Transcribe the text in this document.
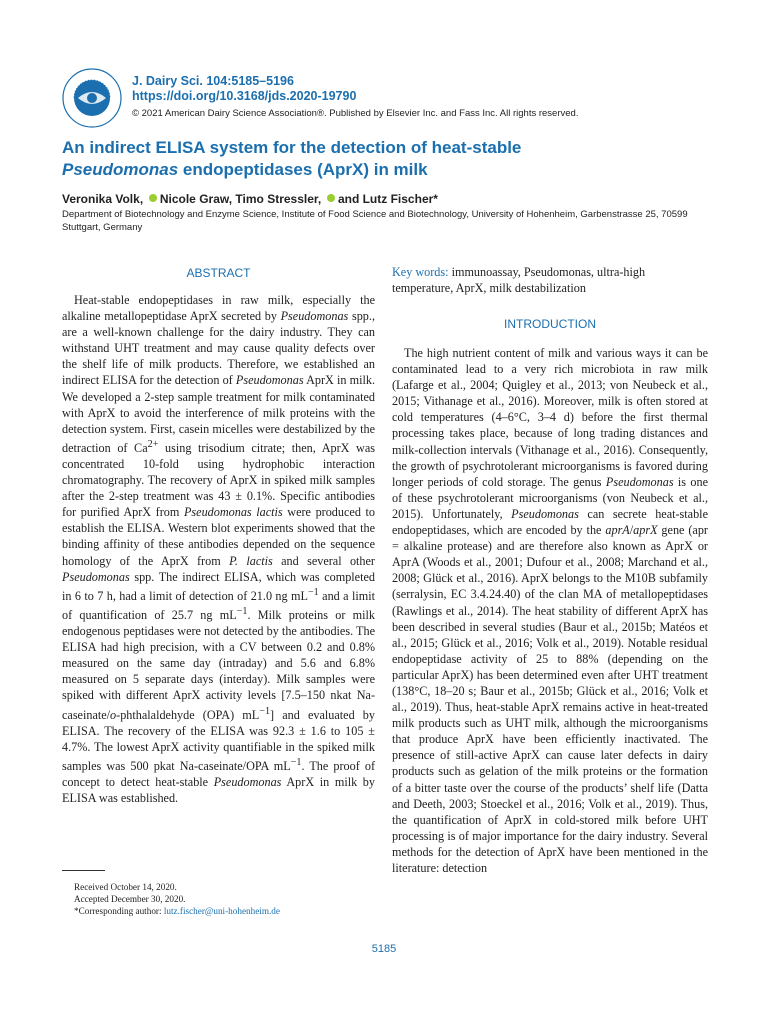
J. Dairy Sci. 104:5185–5196
https://doi.org/10.3168/jds.2020-19790
© 2021 American Dairy Science Association®. Published by Elsevier Inc. and Fass Inc. All rights reserved.
An indirect ELISA system for the detection of heat-stable
Pseudomonas endopeptidases (AprX) in milk
Veronika Volk,  Nicole Graw, Timo Stressler,  and Lutz Fischer*
Department of Biotechnology and Enzyme Science, Institute of Food Science and Biotechnology, University of Hohenheim, Garbenstrasse 25, 70599 Stuttgart, Germany
ABSTRACT

Heat-stable endopeptidases in raw milk, especially the alkaline metallopeptidase AprX secreted by Pseudomonas spp., are a well-known challenge for the dairy industry. They can withstand UHT treatment and may cause quality defects over the shelf life of milk products. Therefore, we established an indirect ELISA for the detection of Pseudomonas AprX in milk. We developed a 2-step sample treatment for milk contaminated with AprX to avoid the interference of milk proteins with the detection system. First, casein micelles were destabilized by the detraction of $Ca^{2+}$ using trisodium citrate; then, AprX was concentrated 10-fold using hydrophobic interaction chromatography. The recovery of AprX in spiked milk samples after the 2-step treatment was 43 ± 0.1%. Specific antibodies for purified AprX from Pseudomonas lactis were produced to establish the ELISA. Western blot experiments showed that the binding affinity of these antibodies depended on the sequence homology of the AprX from P. lactis and several other Pseudomonas spp. The indirect ELISA, which was completed in 6 to 7 h, had a limit of detection of 21.0 ng $mL^{-1}$ and a limit of quantification of 25.7 ng $mL^{-1}$. Milk proteins or milk endogenous peptidases were not detected by the antibodies. The ELISA had high precision, with a CV between 0.2 and 0.8% measured on the same day (intraday) and 5.6 and 6.8% measured on 5 separate days (interday). Milk samples were spiked with different AprX activity levels [7.5–150 nkat Na-caseinate/o-phthalaldehyde (OPA) $mL^{-1}$] and evaluated by ELISA. The recovery of the ELISA was 92.3 ± 1.6 to 105 ± 4.7%. The lowest AprX activity quantifiable in the spiked milk samples was 500 pkat Na-caseinate/OPA $mL^{-1}$. The proof of concept to detect heat-stable Pseudomonas AprX in milk by ELISA was established.

Key words: immunoassay, Pseudomonas, ultra-high temperature, AprX, milk destabilization
INTRODUCTION

The high nutrient content of milk and various ways it can be contaminated lead to a very rich microbiota in raw milk (Lafarge et al., 2004; Quigley et al., 2013; von Neubeck et al., 2015; Vithanage et al., 2016). Moreover, milk is often stored at cold temperatures (4–6°C, 3–4 d) before the first thermal processing takes place, because of long trading distances and milk-collection intervals (Vithanage et al., 2016). Consequently, the growth of psychrotolerant microorganisms is favored during longer periods of cold storage. The genus Pseudomonas is one of these psychrotolerant microorganisms (von Neubeck et al., 2015). Unfortunately, Pseudomonas can secrete heat-stable endopeptidases, which are encoded by the aprA/aprX gene (apr = alkaline protease) and are therefore also known as AprX or AprA (Woods et al., 2001; Dufour et al., 2008; Marchand et al., 2008; Glück et al., 2016). AprX belongs to the M10B subfamily (serralysin, EC 3.4.24.40) of the clan MA of metallopeptidases (Rawlings et al., 2014). The heat stability of different AprX has been described in several studies (Baur et al., 2015b; Matéos et al., 2015; Glück et al., 2016; Volk et al., 2019). Notable residual endopeptidase activity of 25 to 88% (depending on the particular AprX) has been determined even after UHT treatment (138°C, 18–20 s; Baur et al., 2015b; Glück et al., 2016; Volk et al., 2019). Thus, heat-stable AprX remains active in heat-treated milk products such as UHT milk, although the microorganisms that produce AprX have been efficiently inactivated. The presence of still-active AprX can cause later defects in dairy products such as gelation of the milk proteins or the formation of a bitter taste over the course of the products’ shelf life (Datta and Deeth, 2003; Stoeckel et al., 2016; Volk et al., 2019). Thus, the quantification of AprX in cold-stored milk before UHT processing is of major importance for the dairy industry. Several methods for the detection of AprX have been mentioned in the literature: detection

Received October 14, 2020.
Accepted December 30, 2020.
*Corresponding author: lutz.fischer@uni-hohenheim.de
5185
